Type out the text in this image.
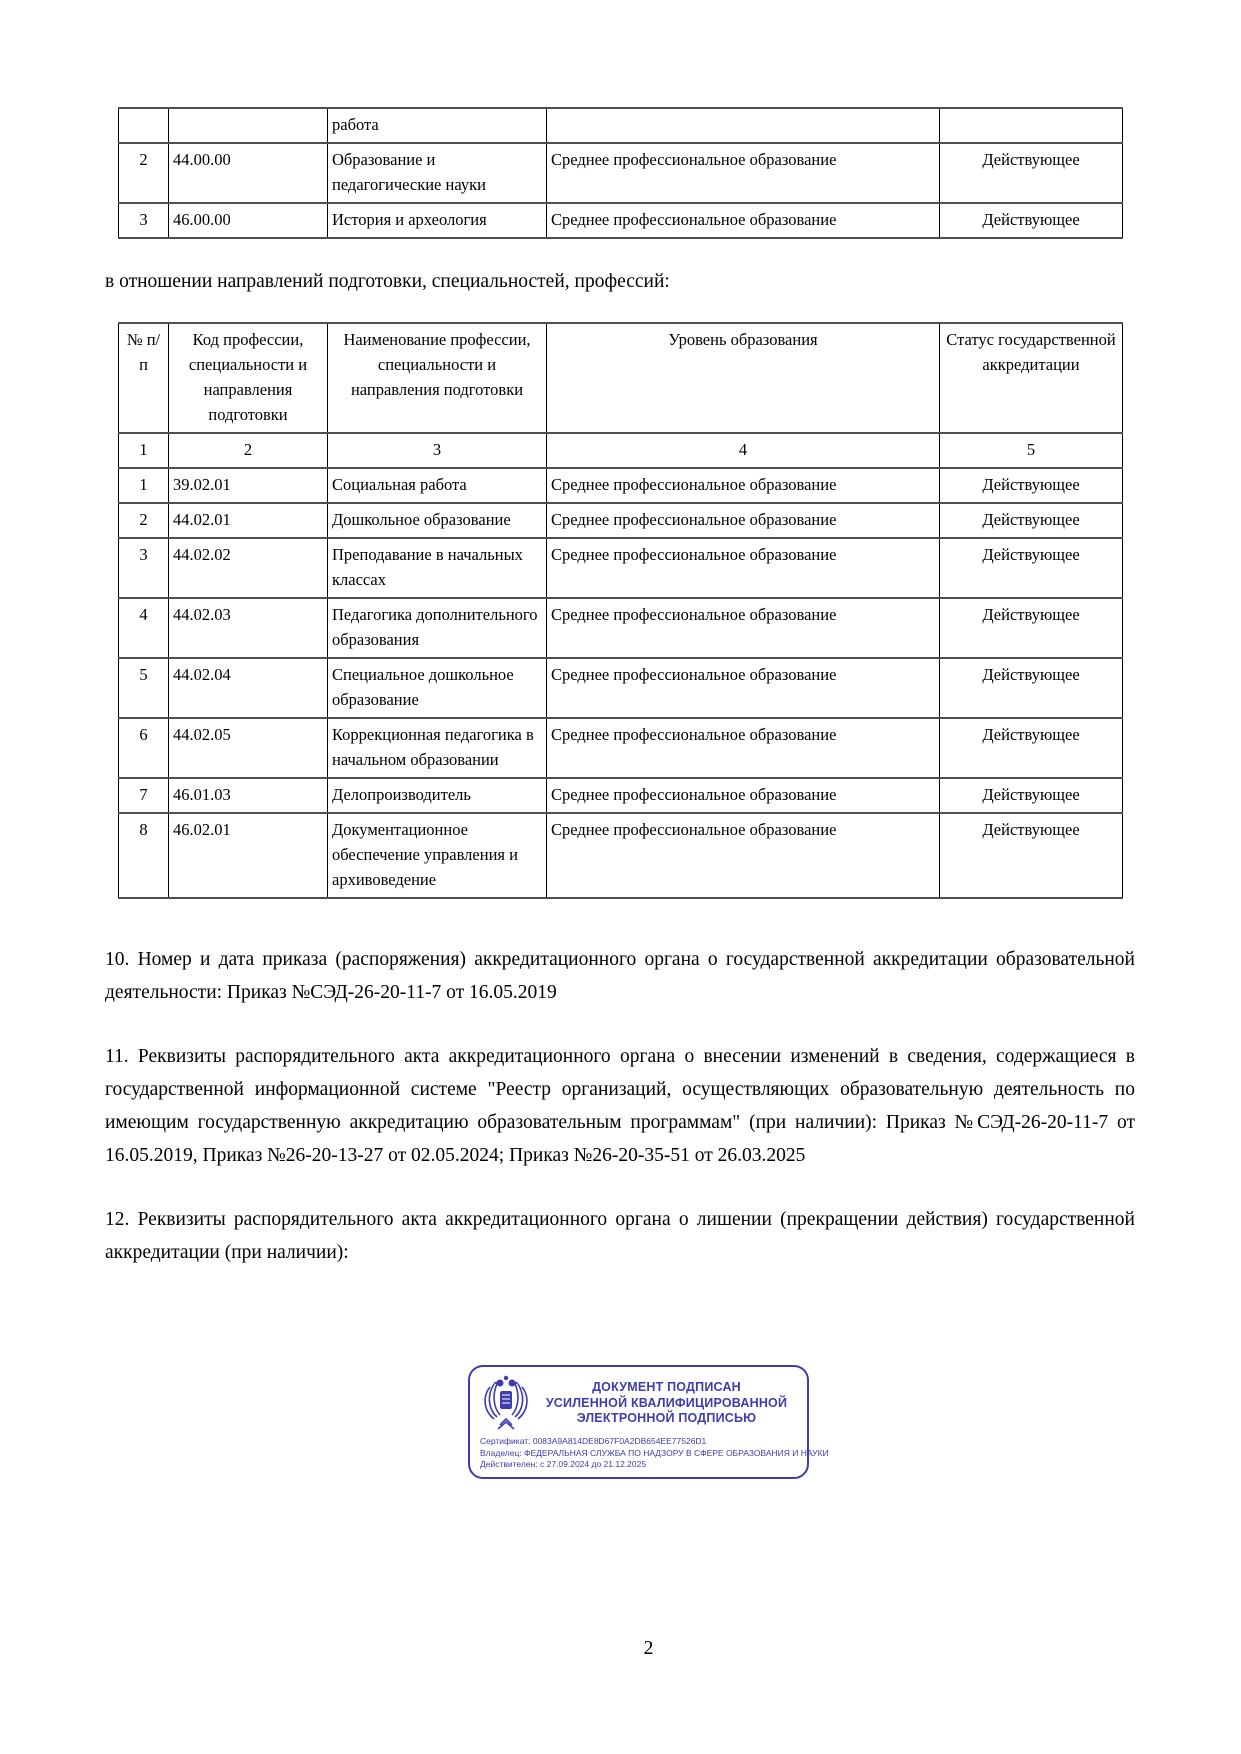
		работа		
2	44.00.00	Образование и педагогические науки	Среднее профессиональное образование	Действующее
3	46.00.00	История и археология	Среднее профессиональное образование	Действующее
в отношении направлений подготовки, специальностей, профессий:
№ п/п	Код профессии, специальности и направления подготовки	Наименование профессии, специальности и направления подготовки	Уровень образования	Статус государственной аккредитации
1	2	3	4	5
1	39.02.01	Социальная работа	Среднее профессиональное образование	Действующее
2	44.02.01	Дошкольное образование	Среднее профессиональное образование	Действующее
3	44.02.02	Преподавание в начальных классах	Среднее профессиональное образование	Действующее
4	44.02.03	Педагогика дополнительного образования	Среднее профессиональное образование	Действующее
5	44.02.04	Специальное дошкольное образование	Среднее профессиональное образование	Действующее
6	44.02.05	Коррекционная педагогика в начальном образовании	Среднее профессиональное образование	Действующее
7	46.01.03	Делопроизводитель	Среднее профессиональное образование	Действующее
8	46.02.01	Документационное обеспечение управления и архивоведение	Среднее профессиональное образование	Действующее

10. Номер и дата приказа (распоряжения) аккредитационного органа о государственной аккредитации образовательной деятельности: Приказ №СЭД-26-20-11-7 от 16.05.2019

11. Реквизиты распорядительного акта аккредитационного органа о внесении изменений в сведения, содержащиеся в государственной информационной системе "Реестр организаций, осуществляющих образовательную деятельность по имеющим государственную аккредитацию образовательным программам" (при наличии): Приказ №СЭД-26-20-11-7 от 16.05.2019, Приказ №26-20-13-27 от 02.05.2024; Приказ №26-20-35-51 от 26.03.2025

12. Реквизиты распорядительного акта аккредитационного органа о лишении (прекращении действия) государственной аккредитации (при наличии):

ДОКУМЕНТ ПОДПИСАН
УСИЛЕННОЙ КВАЛИФИЦИРОВАННОЙ
ЭЛЕКТРОННОЙ ПОДПИСЬЮ
Сертификат: 0083A9A814DE8D67F0A2DB654EE77526D1
Владелец: ФЕДЕРАЛЬНАЯ СЛУЖБА ПО НАДЗОРУ В СФЕРЕ ОБРАЗОВАНИЯ И НАУКИ
Действителен: с 27.09.2024 до 21.12.2025
2
